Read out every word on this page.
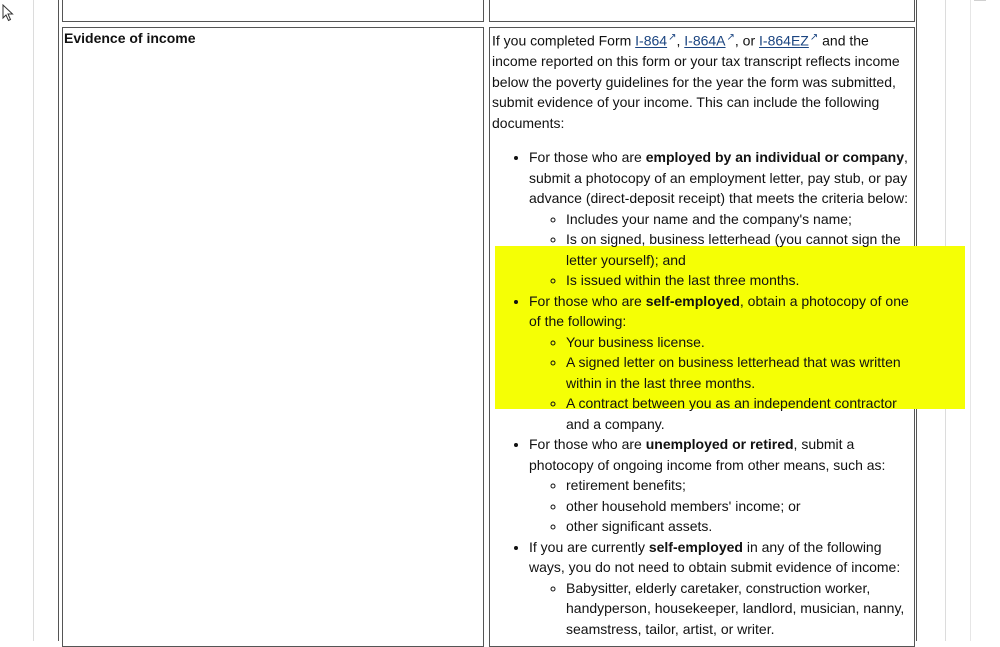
Evidence of income	If you completed Form I-864↗, I-864A↗, or I-864EZ↗ and the income reported on this form or your tax transcript reflects income below the poverty guidelines for the year the form was submitted, submit evidence of your income. This can include the following documents:

• For those who are employed by an individual or company, submit a photocopy of an employment letter, pay stub, or pay advance (direct-deposit receipt) that meets the criteria below:
◦ Includes your name and the company's name;
◦ Is on signed, business letterhead (you cannot sign the letter yourself); and
◦ Is issued within the last three months.
• For those who are self-employed, obtain a photocopy of one of the following:
◦ Your business license.
◦ A signed letter on business letterhead that was written within in the last three months.
◦ A contract between you as an independent contractor and a company.
• For those who are unemployed or retired, submit a photocopy of ongoing income from other means, such as:
◦ retirement benefits;
◦ other household members' income; or
◦ other significant assets.
• If you are currently self-employed in any of the following ways, you do not need to obtain submit evidence of income:
◦ Babysitter, elderly caretaker, construction worker, handyperson, housekeeper, landlord, musician, nanny, seamstress, tailor, artist, or writer.
